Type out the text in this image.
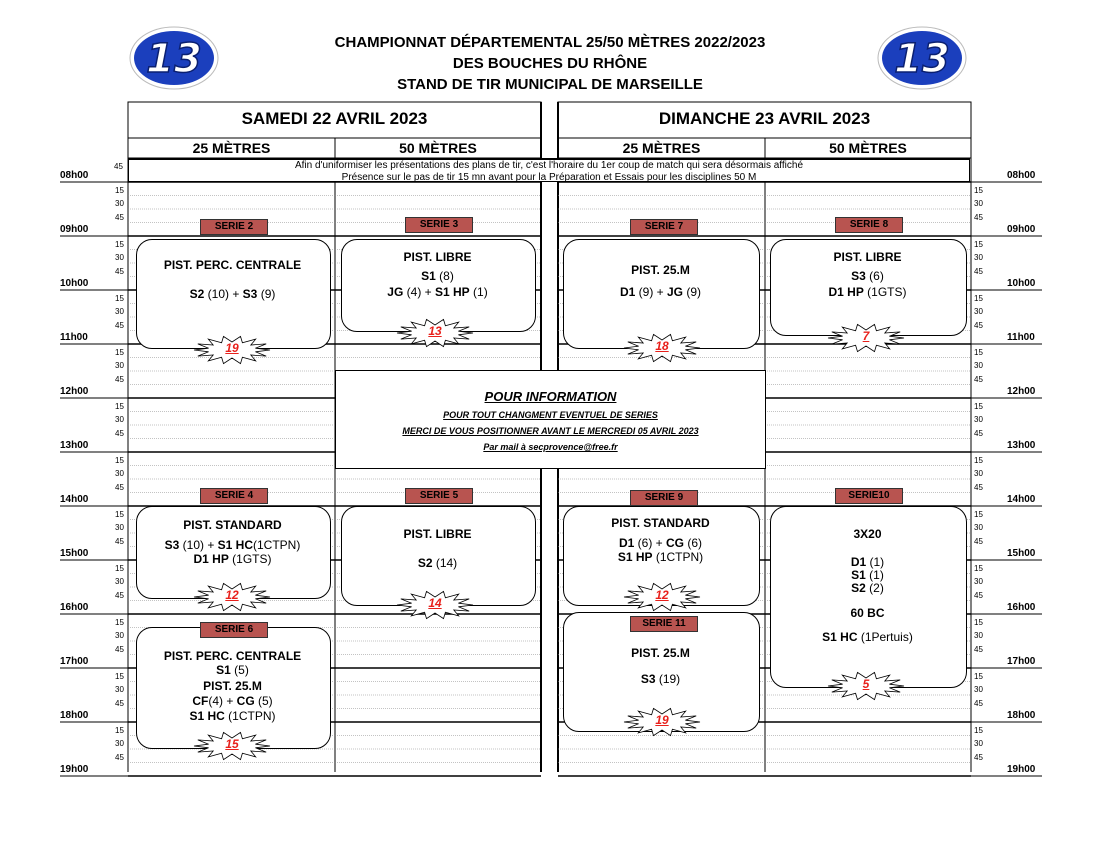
13	13
CHAMPIONNAT DÉPARTEMENTAL 25/50 MÈTRES 2022/2023
DES BOUCHES DU RHÔNE
STAND DE TIR MUNICIPAL DE MARSEILLE
SAMEDI 22 AVRIL 2023	DIMANCHE 23 AVRIL 2023
25 MÈTRES	50 MÈTRES	25 MÈTRES	50 MÈTRES
Afin d'uniformiser les présentations des plans de tir, c'est l'horaire du 1er coup de match qui sera désormais affiché
Présence sur le pas de tir 15 mn avant pour la Préparation et Essais pour les disciplines 50 M
45
08h00	08h00
15	15
30	30
45	45
09h00	09h00
15	15
30	30
45	45
10h00	10h00
15	15
30	30
45	45
11h00	11h00
15	15
30	30
45	45
12h00	12h00
15	15
30	30
45	45
13h00	13h00
15	15
30	30
45	45
14h00	14h00
15	15
30	30
45	45
15h00	15h00
15	15
30	30
45	45
16h00	16h00
15	15
30	30
45	45
17h00	17h00
15	15
30	30
45	45
18h00	18h00
15	15
30	30
45	45
19h00	19h00
SERIE 2
PIST. PERC. CENTRALE
S2 (10) + S3 (9)
19
SERIE 3
PIST. LIBRE
S1 (8)
JG (4) + S1 HP (1)
13
SERIE 7
PIST. 25.M
D1 (9) + JG (9)
18
SERIE 8
PIST. LIBRE
S3 (6)
D1 HP (1GTS)
7
SERIE 4
PIST. STANDARD
S3 (10) + S1 HC(1CTPN)
D1 HP (1GTS)
12
SERIE 5
PIST. LIBRE
S2 (14)
14
SERIE 9
PIST. STANDARD
D1 (6) + CG (6)
S1 HP (1CTPN)
12
SERIE10
3X20
D1 (1)
S1 (1)
S2 (2)
60 BC
S1 HC (1Pertuis)
5
SERIE 6
PIST. PERC. CENTRALE
S1 (5)
PIST. 25.M
CF(4) + CG (5)
S1 HC (1CTPN)
15
SERIE 11
PIST. 25.M
S3 (19)
19
POUR INFORMATION
POUR TOUT CHANGMENT EVENTUEL DE SERIES
MERCI DE VOUS POSITIONNER AVANT LE MERCREDI 05 AVRIL 2023
Par mail à secprovence@free.fr
